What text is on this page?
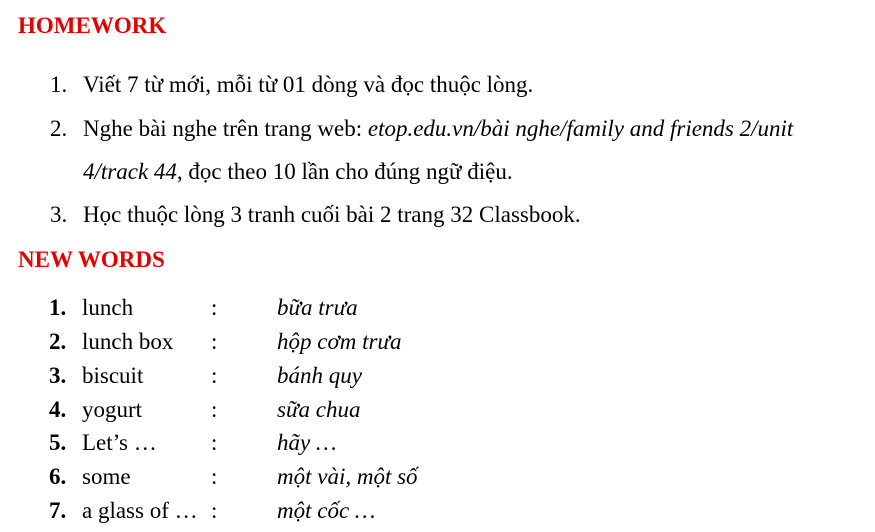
HOMEWORK
1. Viết 7 từ mới, mỗi từ 01 dòng và đọc thuộc lòng.
2. Nghe bài nghe trên trang web: etop.edu.vn/bài nghe/family and friends 2/unit
4/track 44, đọc theo 10 lần cho đúng ngữ điệu.
3. Học thuộc lòng 3 tranh cuối bài 2 trang 32 Classbook.
NEW WORDS
1. lunch	:	bữa trưa
2. lunch box :	hộp cơm trưa
3. biscuit	:	bánh quy
4. yogurt	:	sữa chua
5. Let’s … :	hãy …
6. some	:	một vài, một số
7. a glass of … :	một cốc …
